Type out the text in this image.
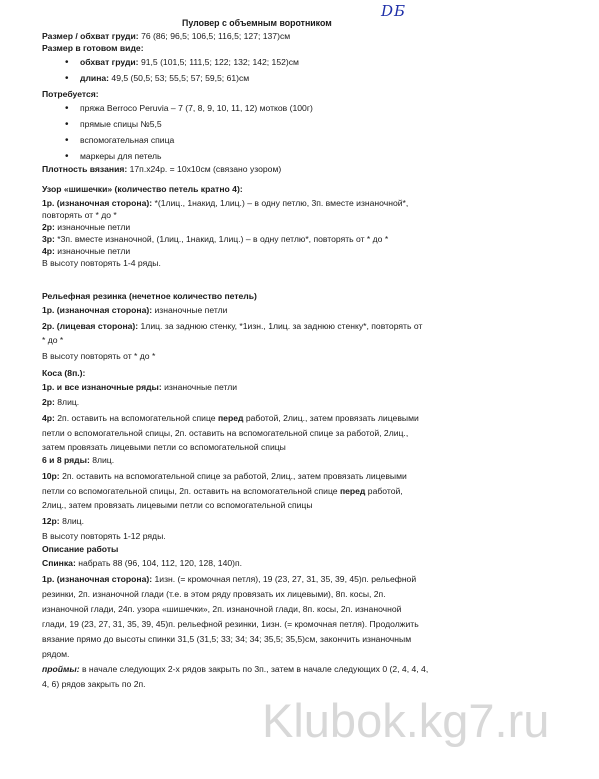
Пуловер с объемным воротником
DБ
Размер / обхват груди: 76 (86; 96,5; 106,5; 116,5; 127; 137)см
Размер в готовом виде:
• обхват груди: 91,5 (101,5; 111,5; 122; 132; 142; 152)см
• длина: 49,5 (50,5; 53; 55,5; 57; 59,5; 61)см
Потребуется:
• пряжа Berroco Peruvia – 7 (7, 8, 9, 10, 11, 12) мотков (100г)
• прямые спицы №5,5
• вспомогательная спица
• маркеры для петель
Плотность вязания: 17п.х24р. = 10х10см (связано узором)
Узор «шишечки» (количество петель кратно 4):
1р. (изнаночная сторона): *(1лиц., 1накид, 1лиц.) – в одну петлю, 3п. вместе изнаночной*,
повторять от * до *
2р: изнаночные петли
3р: *3п. вместе изнаночной, (1лиц., 1накид, 1лиц.) – в одну петлю*, повторять от * до *
4р: изнаночные петли
В высоту повторять 1-4 ряды.
Рельефная резинка (нечетное количество петель)
1р. (изнаночная сторона): изнаночные петли
2р. (лицевая сторона): 1лиц. за заднюю стенку, *1изн., 1лиц. за заднюю стенку*, повторять от
* до *
В высоту повторять от * до *
Коса (8п.):
1р. и все изнаночные ряды: изнаночные петли
2р: 8лиц.
4р: 2п. оставить на вспомогательной спице перед работой, 2лиц., затем провязать лицевыми
петли о вспомогательной спицы, 2п. оставить на вспомогательной спице за работой, 2лиц.,
затем провязать лицевыми петли со вспомогательной спицы
6 и 8 ряды: 8лиц.
10р: 2п. оставить на вспомогательной спице за работой, 2лиц., затем провязать лицевыми
петли со вспомогательной спицы, 2п. оставить на вспомогательной спице перед работой,
2лиц., затем провязать лицевыми петли со вспомогательной спицы
12р: 8лиц.
В высоту повторять 1-12 ряды.
Описание работы
Спинка: набрать 88 (96, 104, 112, 120, 128, 140)п.
1р. (изнаночная сторона): 1изн. (= кромочная петля), 19 (23, 27, 31, 35, 39, 45)п. рельефной
резинки, 2п. изнаночной глади (т.е. в этом ряду провязать их лицевыми), 8п. косы, 2п.
изнаночной глади, 24п. узора «шишечки», 2п. изнаночной глади, 8п. косы, 2п. изнаночной
глади, 19 (23, 27, 31, 35, 39, 45)п. рельефной резинки, 1изн. (= кромочная петля). Продолжить
вязание прямо до высоты спинки 31,5 (31,5; 33; 34; 34; 35,5; 35,5)см, закончить изнаночным
рядом.
проймы: в начале следующих 2-х рядов закрыть по 3п., затем в начале следующих 0 (2, 4, 4, 4,
4, 6) рядов закрыть по 2п.
Klubok.kg7.ru
